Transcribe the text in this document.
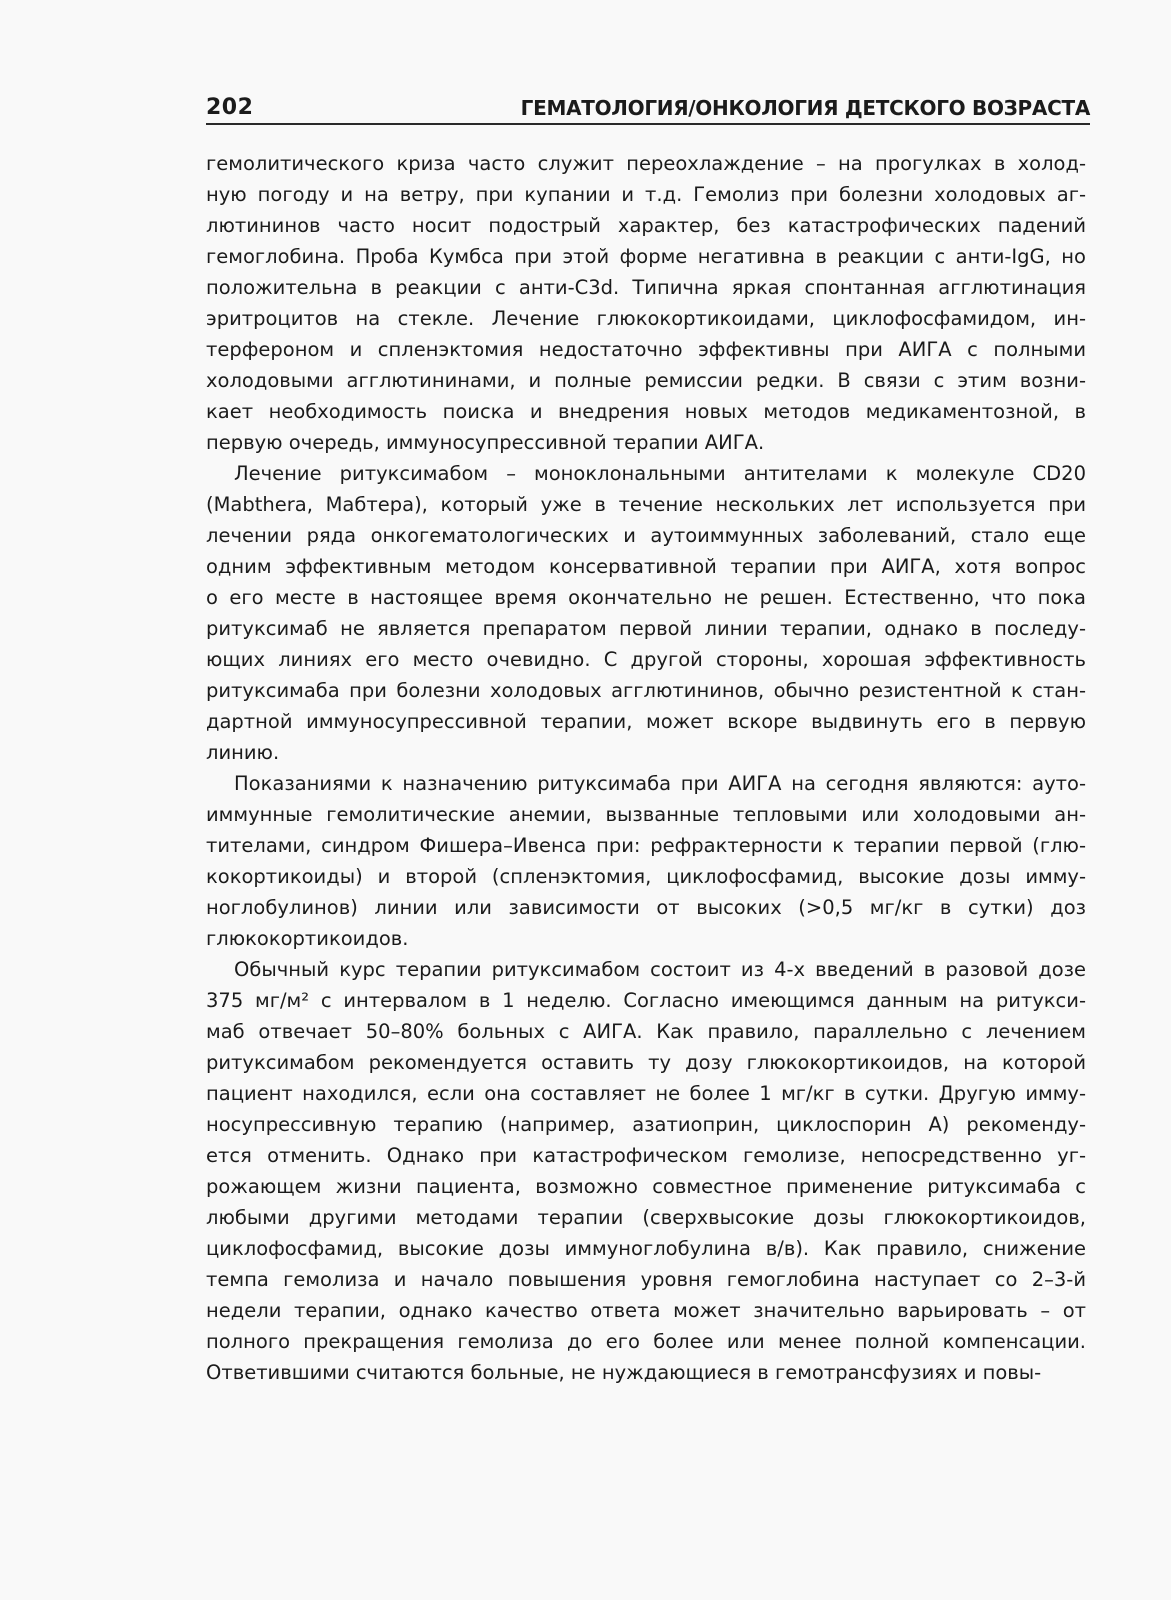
202	ГЕМАТОЛОГИЯ/ОНКОЛОГИЯ ДЕТСКОГО ВОЗРАСТА
гемолитического криза часто служит переохлаждение – на прогулках в холод-
ную погоду и на ветру, при купании и т.д. Гемолиз при болезни холодовых аг-
лютининов часто носит подострый характер, без катастрофических падений
гемоглобина. Проба Кумбса при этой форме негативна в реакции с анти-IgG, но
положительна в реакции с анти-C3d. Типична яркая спонтанная агглютинация
эритроцитов на стекле. Лечение глюкокортикоидами, циклофосфамидом, ин-
терфероном и спленэктомия недостаточно эффективны при АИГА с полными
холодовыми агглютининами, и полные ремиссии редки. В связи с этим возни-
кает необходимость поиска и внедрения новых методов медикаментозной, в
первую очередь, иммуносупрессивной терапии АИГА.
Лечение ритуксимабом – моноклональными антителами к молекуле CD20
(Mabthera, Мабтера), который уже в течение нескольких лет используется при
лечении ряда онкогематологических и аутоиммунных заболеваний, стало еще
одним эффективным методом консервативной терапии при АИГА, хотя вопрос
о его месте в настоящее время окончательно не решен. Естественно, что пока
ритуксимаб не является препаратом первой линии терапии, однако в последу-
ющих линиях его место очевидно. С другой стороны, хорошая эффективность
ритуксимаба при болезни холодовых агглютининов, обычно резистентной к стан-
дартной иммуносупрессивной терапии, может вскоре выдвинуть его в первую
линию.
Показаниями к назначению ритуксимаба при АИГА на сегодня являются: ауто-
иммунные гемолитические анемии, вызванные тепловыми или холодовыми ан-
тителами, синдром Фишера–Ивенса при: рефрактерности к терапии первой (глю-
кокортикоиды) и второй (спленэктомия, циклофосфамид, высокие дозы имму-
ноглобулинов) линии или зависимости от высоких (>0,5 мг/кг в сутки) доз
глюкокортикоидов.
Обычный курс терапии ритуксимабом состоит из 4-х введений в разовой дозе
375 мг/м² с интервалом в 1 неделю. Согласно имеющимся данным на ритукси-
маб отвечает 50–80% больных с АИГА. Как правило, параллельно с лечением
ритуксимабом рекомендуется оставить ту дозу глюкокортикоидов, на которой
пациент находился, если она составляет не более 1 мг/кг в сутки. Другую имму-
носупрессивную терапию (например, азатиоприн, циклоспорин А) рекоменду-
ется отменить. Однако при катастрофическом гемолизе, непосредственно уг-
рожающем жизни пациента, возможно совместное применение ритуксимаба с
любыми другими методами терапии (сверхвысокие дозы глюкокортикоидов,
циклофосфамид, высокие дозы иммуноглобулина в/в). Как правило, снижение
темпа гемолиза и начало повышения уровня гемоглобина наступает со 2–3-й
недели терапии, однако качество ответа может значительно варьировать – от
полного прекращения гемолиза до его более или менее полной компенсации.
Ответившими считаются больные, не нуждающиеся в гемотрансфузиях и повы-
